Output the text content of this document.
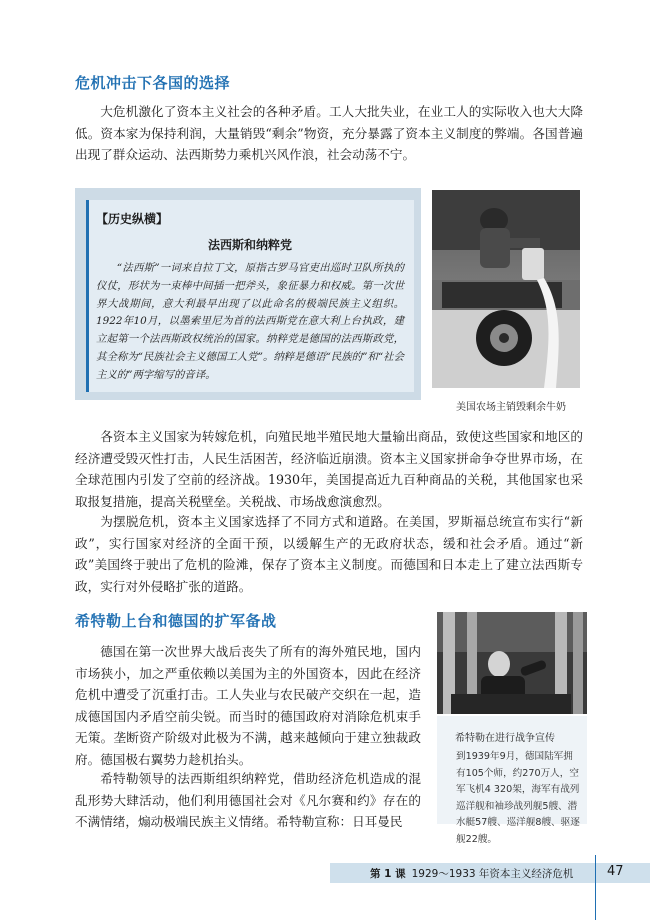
危机冲击下各国的选择

大危机激化了资本主义社会的各种矛盾。工人大批失业，在业工人的实际收入也大大降低。资本家为保持利润，大量销毁“剩余”物资，充分暴露了资本主义制度的弊端。各国普遍出现了群众运动、法西斯势力乘机兴风作浪，社会动荡不宁。

【历史纵横】

法西斯和纳粹党

“法西斯”一词来自拉丁文，原指古罗马官吏出巡时卫队所执的仪仗，形状为一束棒中间插一把斧头，象征暴力和权威。第一次世界大战期间，意大利最早出现了以此命名的极端民族主义组织。1922年10月，以墨索里尼为首的法西斯党在意大利上台执政，建立起第一个法西斯政权统治的国家。纳粹党是德国的法西斯政党，其全称为“民族社会主义德国工人党”。纳粹是德语“民族的”和“社会主义的”两字缩写的音译。

美国农场主销毁剩余牛奶

各资本主义国家为转嫁危机，向殖民地半殖民地大量输出商品，致使这些国家和地区的经济遭受毁灭性打击，人民生活困苦，经济临近崩溃。资本主义国家拼命争夺世界市场，在全球范围内引发了空前的经济战。1930年，美国提高近九百种商品的关税，其他国家也采取报复措施，提高关税壁垒。关税战、市场战愈演愈烈。

为摆脱危机，资本主义国家选择了不同方式和道路。在美国，罗斯福总统宣布实行“新政”，实行国家对经济的全面干预，以缓解生产的无政府状态，缓和社会矛盾。通过“新政”美国终于驶出了危机的险滩，保存了资本主义制度。而德国和日本走上了建立法西斯专政，实行对外侵略扩张的道路。

希特勒上台和德国的扩军备战

德国在第一次世界大战后丧失了所有的海外殖民地，国内市场狭小，加之严重依赖以美国为主的外国资本，因此在经济危机中遭受了沉重打击。工人失业与农民破产交织在一起，造成德国国内矛盾空前尖锐。而当时的德国政府对消除危机束手无策。垄断资产阶级对此极为不满，越来越倾向于建立独裁政府。德国极右翼势力趁机抬头。

希特勒领导的法西斯组织纳粹党，借助经济危机造成的混乱形势大肆活动，他们利用德国社会对《凡尔赛和约》存在的不满情绪，煽动极端民族主义情绪。希特勒宣称：日耳曼民

希特勒在进行战争宣传

到1939年9月，德国陆军拥有105个师，约270万人，空军飞机4 320架，海军有战列巡洋舰和袖珍战列舰5艘、潜水艇57艘、巡洋舰8艘、驱逐舰22艘。

第 1 课 1929～1933 年资本主义经济危机	47
